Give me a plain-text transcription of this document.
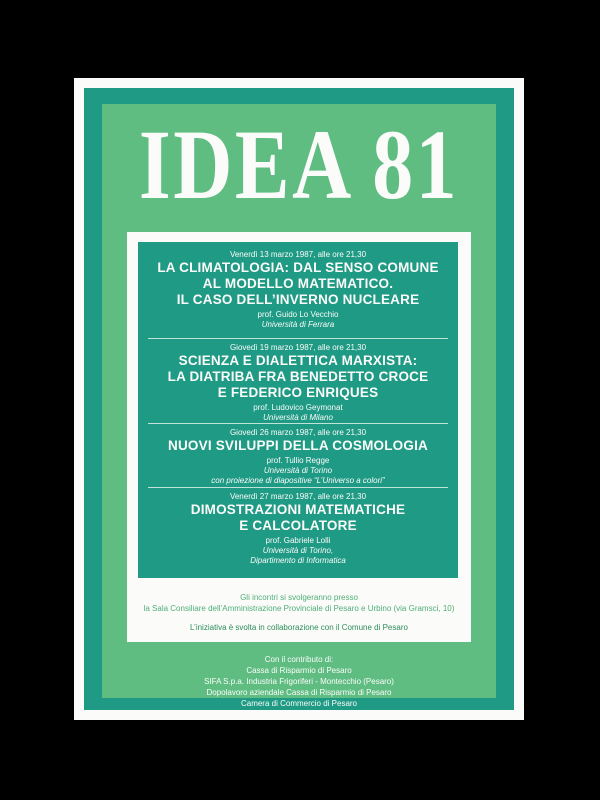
IDEA 81
Venerdì 13 marzo 1987, alle ore 21,30
LA CLIMATOLOGIA: DAL SENSO COMUNE
AL MODELLO MATEMATICO.
IL CASO DELL’INVERNO NUCLEARE
prof. Guido Lo Vecchio
Università di Ferrara
Giovedì 19 marzo 1987, alle ore 21,30
SCIENZA E DIALETTICA MARXISTA:
LA DIATRIBA FRA BENEDETTO CROCE
E FEDERICO ENRIQUES
prof. Ludovico Geymonat
Università di Milano
Giovedì 26 marzo 1987, alle ore 21,30
NUOVI SVILUPPI DELLA COSMOLOGIA
prof. Tullio Regge
Università di Torino
con proiezione di diapositive “L’Universo a colori”
Venerdì 27 marzo 1987, alle ore 21,30
DIMOSTRAZIONI MATEMATICHE
E CALCOLATORE
prof. Gabriele Lolli
Università di Torino,
Dipartimento di Informatica
Gli incontri si svolgeranno presso
la Sala Consiliare dell’Amministrazione Provinciale di Pesaro e Urbino (via Gramsci, 10)
L’iniziativa è svolta in collaborazione con il Comune di Pesaro
Con il contributo di:
Cassa di Risparmio di Pesaro
SIFA S.p.a. Industria Frigoriferi - Montecchio (Pesaro)
Dopolavoro aziendale Cassa di Risparmio di Pesaro
Camera di Commercio di Pesaro
